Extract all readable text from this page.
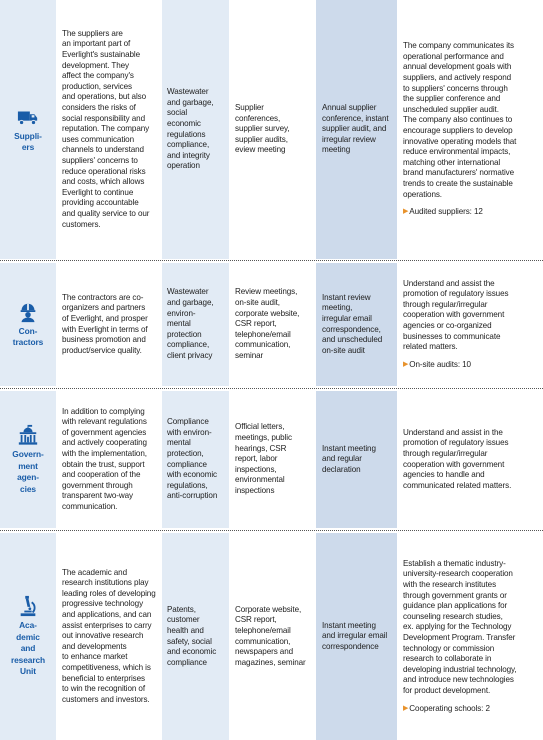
Suppli-
ers
The suppliers are
an important part of
Everlight's sustainable
development. They
affect the company's
production, services
and operations, but also
considers the risks of
social responsibility and
reputation. The company
uses communication
channels to understand
suppliers' concerns to
reduce operational risks
and costs, which allows
Everlight to continue
providing accountable
and quality service to our
customers.
Wastewater
and garbage,
social
economic
regulations
compliance,
and integrity
operation
Supplier
conferences,
supplier survey,
supplier audits,
eview meeting
Annual supplier
conference, instant
supplier audit, and
irregular review
meeting
The company communicates its
operational performance and
annual development goals with
suppliers, and actively respond
to suppliers' concerns through
the supplier conference and
unscheduled supplier audit.
The company also continues to
encourage suppliers to develop
innovative operating models that
reduce environmental impacts,
matching other international
brand manufacturers' normative
trends to create the sustainable
operations.
▶ Audited suppliers: 12
Con-
tractors
The contractors are co-
organizers and partners
of Everlight, and prosper
with Everlight in terms of
business promotion and
product/service quality.
Wastewater
and garbage,
environ-
mental
protection
compliance,
client privacy
Review meetings,
on-site audit,
corporate website,
CSR report,
telephone/email
communication,
seminar
Instant review
meeting,
irregular email
correspondence,
and unscheduled
on-site audit
Understand and assist the
promotion of regulatory issues
through regular/irregular
cooperation with government
agencies or co-organized
businesses to communicate
related matters.
▶ On-site audits: 10
Govern-
ment
agen-
cies
In addition to complying
with relevant regulations
of government agencies
and actively cooperating
with the implementation,
obtain the trust, support
and cooperation of the
government through
transparent two-way
communication.
Compliance
with environ-
mental
protection,
compliance
with economic
regulations,
anti-corruption
Official letters,
meetings, public
hearings, CSR
report, labor
inspections,
environmental
inspections
Instant meeting
and regular
declaration
Understand and assist in the
promotion of regulatory issues
through regular/irregular
cooperation with government
agencies to handle and
communicated related matters.
Aca-
demic
and
research
Unit
The academic and
research institutions play
leading roles of developing
progressive technology
and applications, and can
assist enterprises to carry
out innovative research
and developments
to enhance market
competitiveness, which is
beneficial to enterprises
to win the recognition of
customers and investors.
Patents,
customer
health and
safety, social
and economic
compliance
Corporate website,
CSR report,
telephone/email
communication,
newspapers and
magazines, seminar
Instant meeting
and irregular email
correspondence
Establish a thematic industry-
university-research cooperation
with the research institutes
through government grants or
guidance plan applications for
counseling research studies,
ex. applying for the Technology
Development Program. Transfer
technology or commission
research to collaborate in
developing industrial technology,
and introduce new technologies
for product development.
▶ Cooperating schools: 2
